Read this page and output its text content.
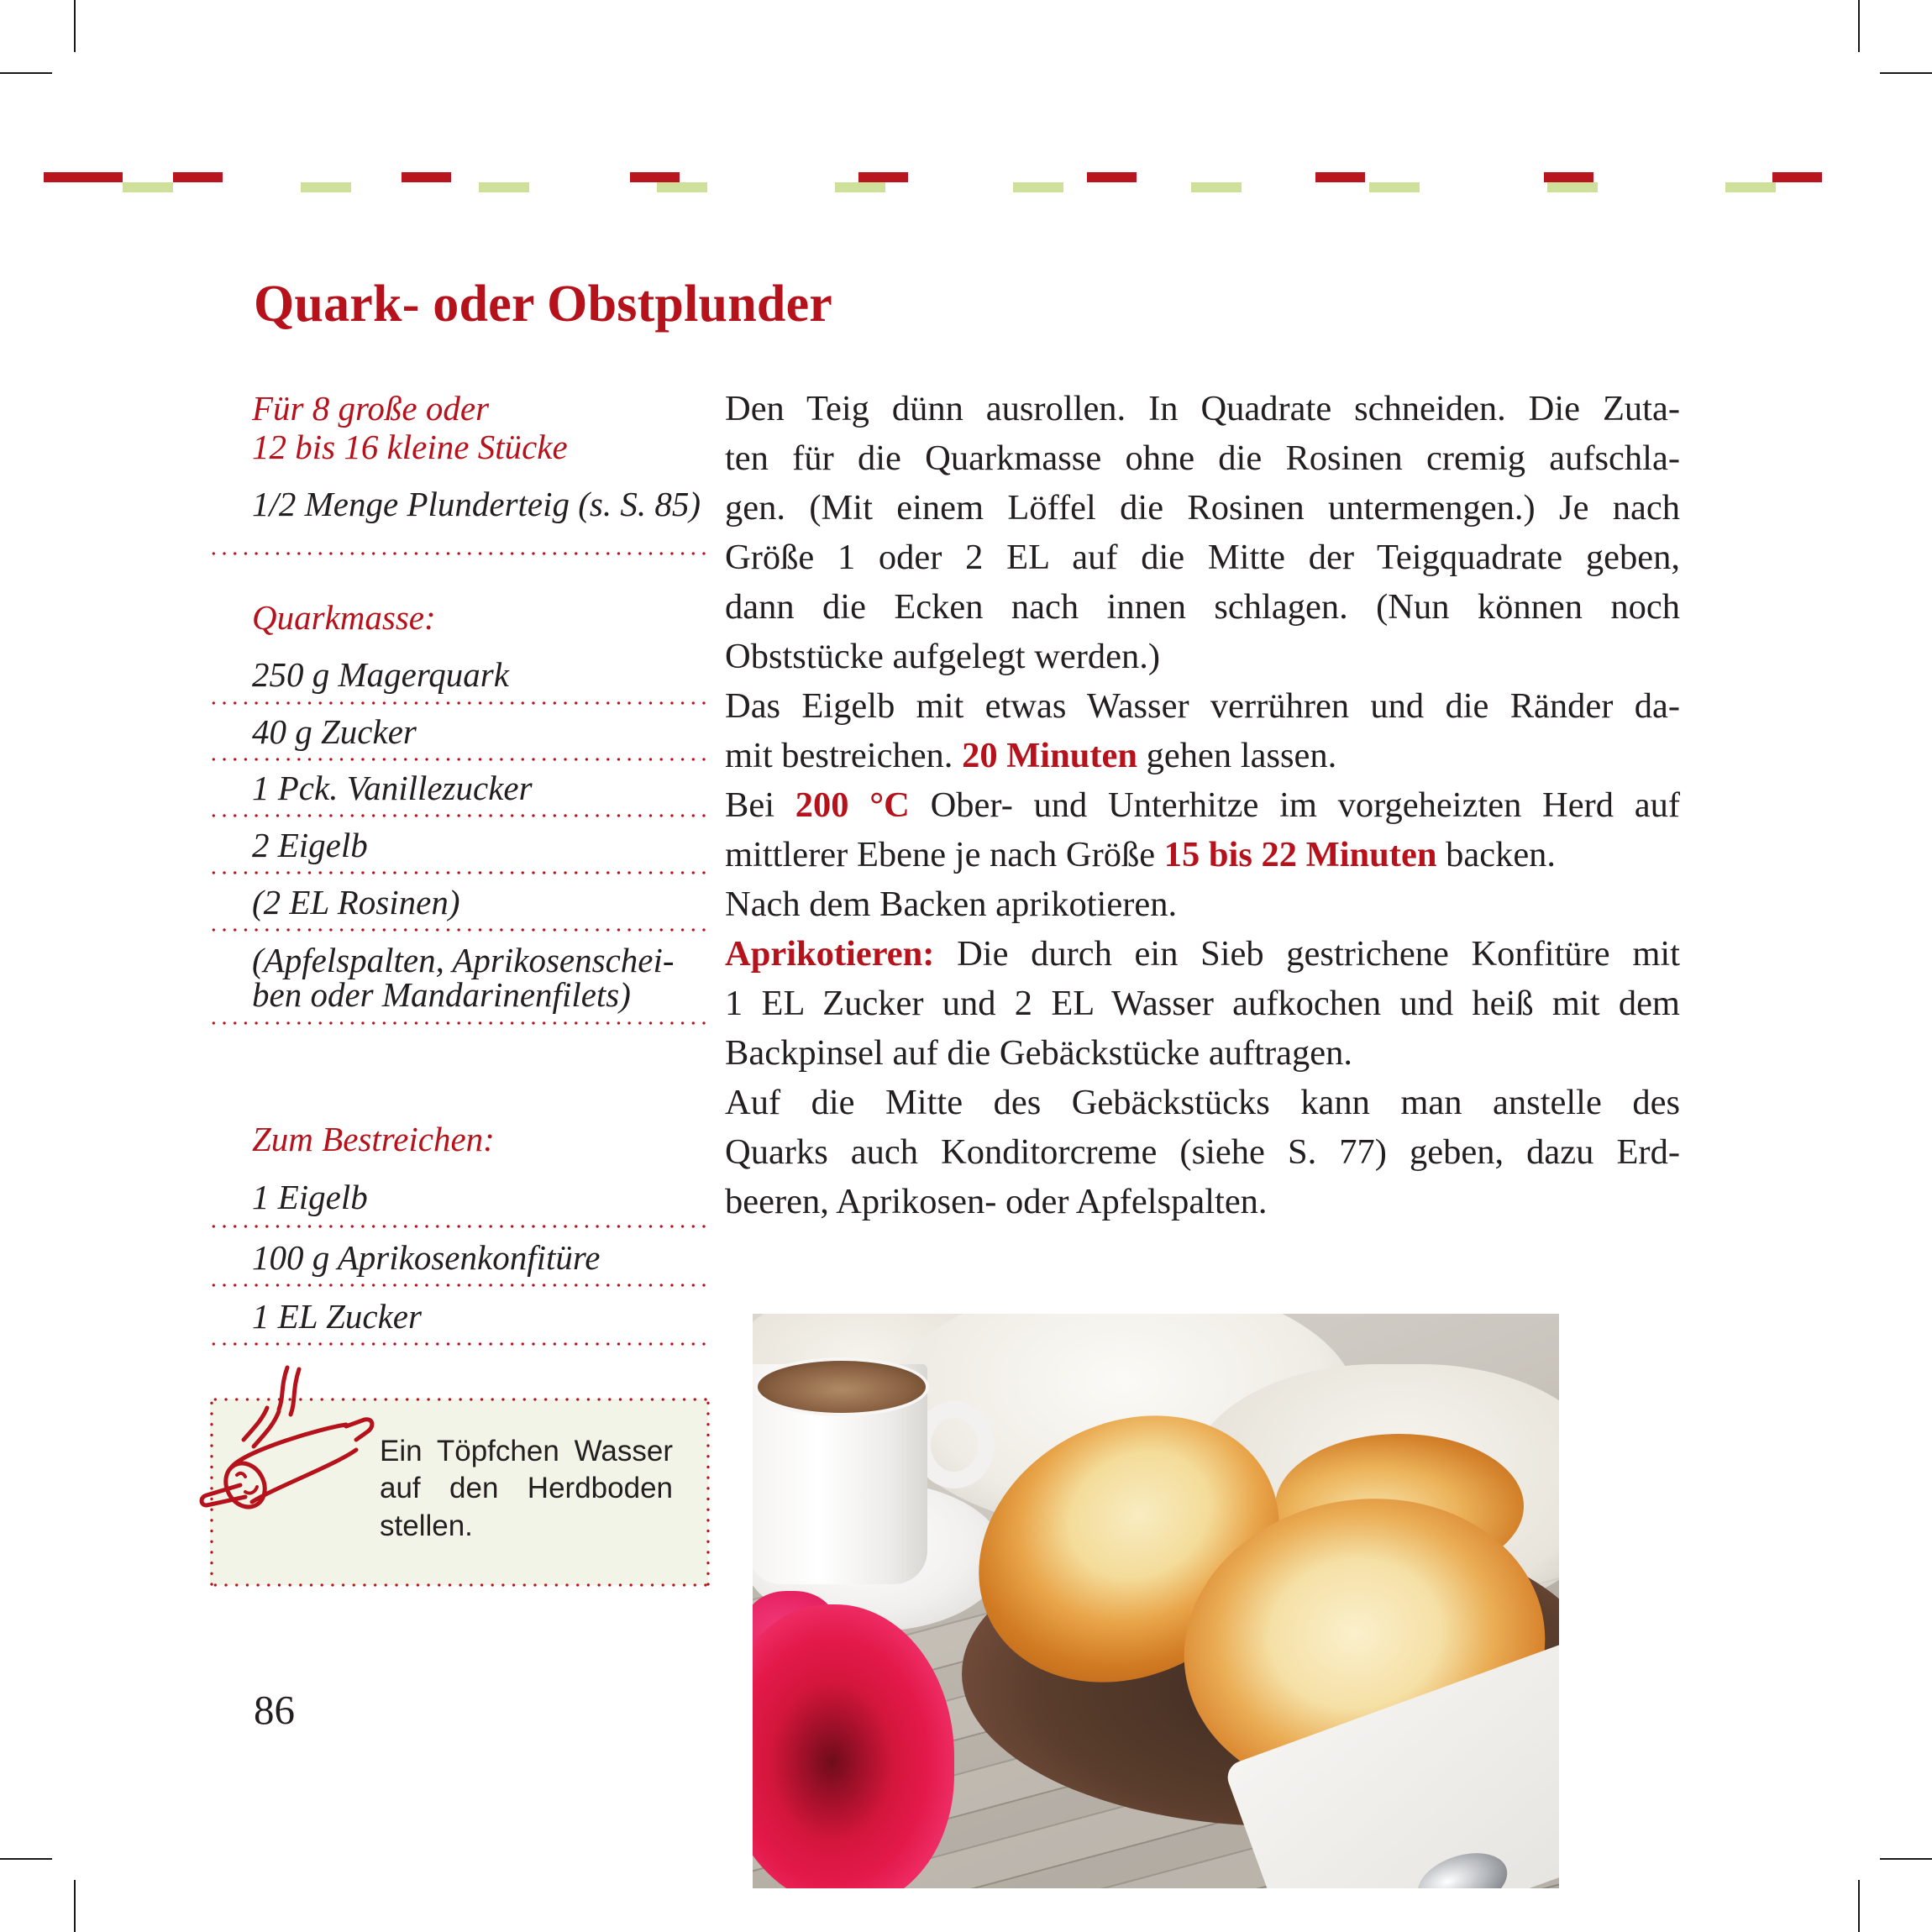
Quark- oder Obstplunder
Für 8 große oder
12 bis 16 kleine Stücke
1/2 Menge Plunderteig (s. S. 85)
Quarkmasse:
250 g Magerquark
40 g Zucker
1 Pck. Vanillezucker
2 Eigelb
(2 EL Rosinen)
(Apfelspalten, Aprikosenschei-
ben oder Mandarinenfilets)
Zum Bestreichen:
1 Eigelb
100 g Aprikosenkonfitüre
1 EL Zucker
Ein Töpfchen Wasser
auf den Herdboden
stellen.
Den Teig dünn ausrollen. In Quadrate schneiden. Die Zuta-
ten für die Quarkmasse ohne die Rosinen cremig aufschla-
gen. (Mit einem Löffel die Rosinen untermengen.) Je nach
Größe 1 oder 2 EL auf die Mitte der Teigquadrate geben,
dann die Ecken nach innen schlagen. (Nun können noch
Obststücke aufgelegt werden.)
Das Eigelb mit etwas Wasser verrühren und die Ränder da-
mit bestreichen. 20 Minuten gehen lassen.
Bei 200 °C Ober- und Unterhitze im vorgeheizten Herd auf
mittlerer Ebene je nach Größe 15 bis 22 Minuten backen.
Nach dem Backen aprikotieren.
Aprikotieren: Die durch ein Sieb gestrichene Konfitüre mit
1 EL Zucker und 2 EL Wasser aufkochen und heiß mit dem
Backpinsel auf die Gebäckstücke auftragen.
Auf die Mitte des Gebäckstücks kann man anstelle des
Quarks auch Konditorcreme (siehe S. 77) geben, dazu Erd-
beeren, Aprikosen- oder Apfelspalten.
86
